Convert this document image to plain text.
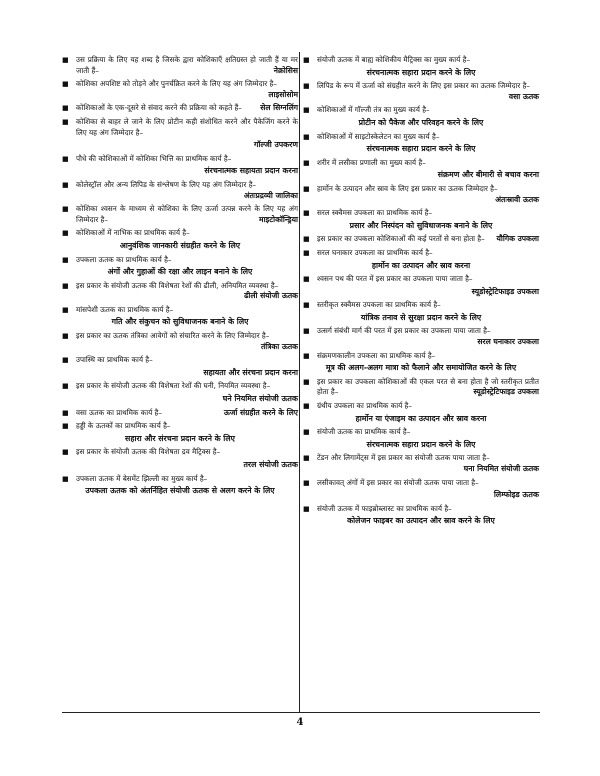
■ उस प्रक्रिया के लिए यह शब्द है जिसके द्वारा कोशिकाएँ क्षतिग्रस्त हो जाती हैं या मर जाती हैं–	नेक्रोसिस
■ कोशिका अपशिष्ट को तोड़ने और पुनर्चक्रित करने के लिए यह अंग जिम्मेदार है–
लाइसोसोम
■ कोशिकाओं के एक-दूसरे से संवाद करने की प्रक्रिया को कहते हैं–	सेल सिग्नलिंग
■ कोशिका से बाहर ले जाने के लिए प्रोटीन कही संशोधित करने और पैकेजिंग करने के लिए यह अंग जिम्मेदार है–
गॉल्जी उपकरण
■ पौधे की कोशिकाओं में कोशिका भित्ति का प्राथमिक कार्य है–
संरचनात्मक सहायता प्रदान करना
■ कोलेस्ट्रॉल और अन्य लिपिड के संश्लेषण के लिए यह अंग जिम्मेदार है–
अंतःप्रद्रव्यी जालिका
■ कोशिका श्वसन के माध्यम से कोशिका के लिए ऊर्जा उत्पन्न करने के लिए यह अंग जिम्मेदार है–	माइटोकॉन्ड्रिया
■ कोशिकाओं में नाभिक का प्राथमिक कार्य है–
आनुवंशिक जानकारी संग्रहीत करने के लिए
■ उपकला ऊतक का प्राथमिक कार्य है–
अंगों और गुहाओं की रक्षा और लाइन बनाने के लिए
■ इस प्रकार के संयोजी ऊतक की विशेषता रेशों की ढीली, अनियमित व्यवस्था है–
ढीली संयोजी ऊतक
■ मांसपेशी ऊतक का प्राथमिक कार्य है–
गति और संकुचन को सुविधाजनक बनाने के लिए
■ इस प्रकार का ऊतक तंत्रिका आवेगों को संचारित करने के लिए जिम्मेदार है–
तंत्रिका ऊतक
■ उपास्थि का प्राथमिक कार्य है–
सहायता और संरचना प्रदान करना
■ इस प्रकार के संयोजी ऊतक की विशेषता रेशों की घनी, नियमित व्यवस्था है–
घने नियमित संयोजी ऊतक
■ वसा ऊतक का प्राथमिक कार्य है–	ऊर्जा संग्रहीत करने के लिए
■ हड्डी के ऊतकों का प्राथमिक कार्य है–
सहारा और संरचना प्रदान करने के लिए
■ इस प्रकार के संयोजी ऊतक की विशेषता द्रव मैट्रिक्स है–
तरल संयोजी ऊतक
■ उपकला ऊतक में बेसमेंट झिल्ली का मुख्य कार्य है–
उपकला ऊतक को अंतर्निहित संयोजी ऊतक से अलग करने के लिए
■ संयोजी ऊतक में बाह्य कोशिकीय मैट्रिक्स का मुख्य कार्य है–
संरचनात्मक सहारा प्रदान करने के लिए
■ लिपिड के रूप में ऊर्जा को संग्रहीत करने के लिए इस प्रकार का ऊतक जिम्मेदार है–
वसा ऊतक
■ कोशिकाओं में गॉल्जी तंत्र का मुख्य कार्य है–
प्रोटीन को पैकेज और परिवहन करने के लिए
■ कोशिकाओं में साइटोस्केलेटन का मुख्य कार्य है–
संरचनात्मक सहारा प्रदान करने के लिए
■ शरीर में लसीका प्रणाली का मुख्य कार्य है–
संक्रमण और बीमारी से बचाव करना
■ हार्मोन के उत्पादन और स्राव के लिए इस प्रकार का ऊतक जिम्मेदार है–
अंतःस्रावी ऊतक
■ सरल स्क्वैमस उपकला का प्राथमिक कार्य है–
प्रसार और निस्पंदन को सुविधाजनक बनाने के लिए
■ इस प्रकार का उपकला कोशिकाओं की कई परतों से बना होता है–	यौगिक उपकला
■ सरल घनाकार उपकला का प्राथमिक कार्य है–
हार्मोन का उत्पादन और स्राव करना
■ श्वसन पथ की परत में इस प्रकार का उपकला पाया जाता है–
स्यूडोस्ट्रेटिफाइड उपकला
■ स्तरीकृत स्क्वैमस उपकला का प्राथमिक कार्य है–
यांत्रिक तनाव से सुरक्षा प्रदान करने के लिए
■ उत्सर्ग संबंधी मार्ग की परत में इस प्रकार का उपकला पाया जाता है–
सरल घनाकार उपकला
■ संक्रमणकालीन उपकला का प्राथमिक कार्य है–
मूत्र की अलग-अलग मात्रा को फैलाने और समायोजित करने के लिए
■ इस प्रकार का उपकला कोशिकाओं की एकल परत से बना होता है जो स्तरीकृत प्रतीत होता है–	स्यूडोस्ट्रेटिफाइड उपकला
■ ग्रंथीय उपकला का प्राथमिक कार्य है–
हार्मोन या एंजाइम का उत्पादन और स्राव करना
■ संयोजी ऊतक का प्राथमिक कार्य है–
संरचनात्मक सहारा प्रदान करने के लिए
■ टेंडन और लिगामेंट्स में इस प्रकार का संयोजी ऊतक पाया जाता है–
घना नियमित संयोजी ऊतक
■ लसीकावत् अंगों में इस प्रकार का संयोजी ऊतक पाया जाता है–
लिम्फोइड ऊतक
■ संयोजी ऊतक में फाइब्रोब्लास्ट का प्राथमिक कार्य है–
कोलेजन फाइबर का उत्पादन और स्राव करने के लिए
4
